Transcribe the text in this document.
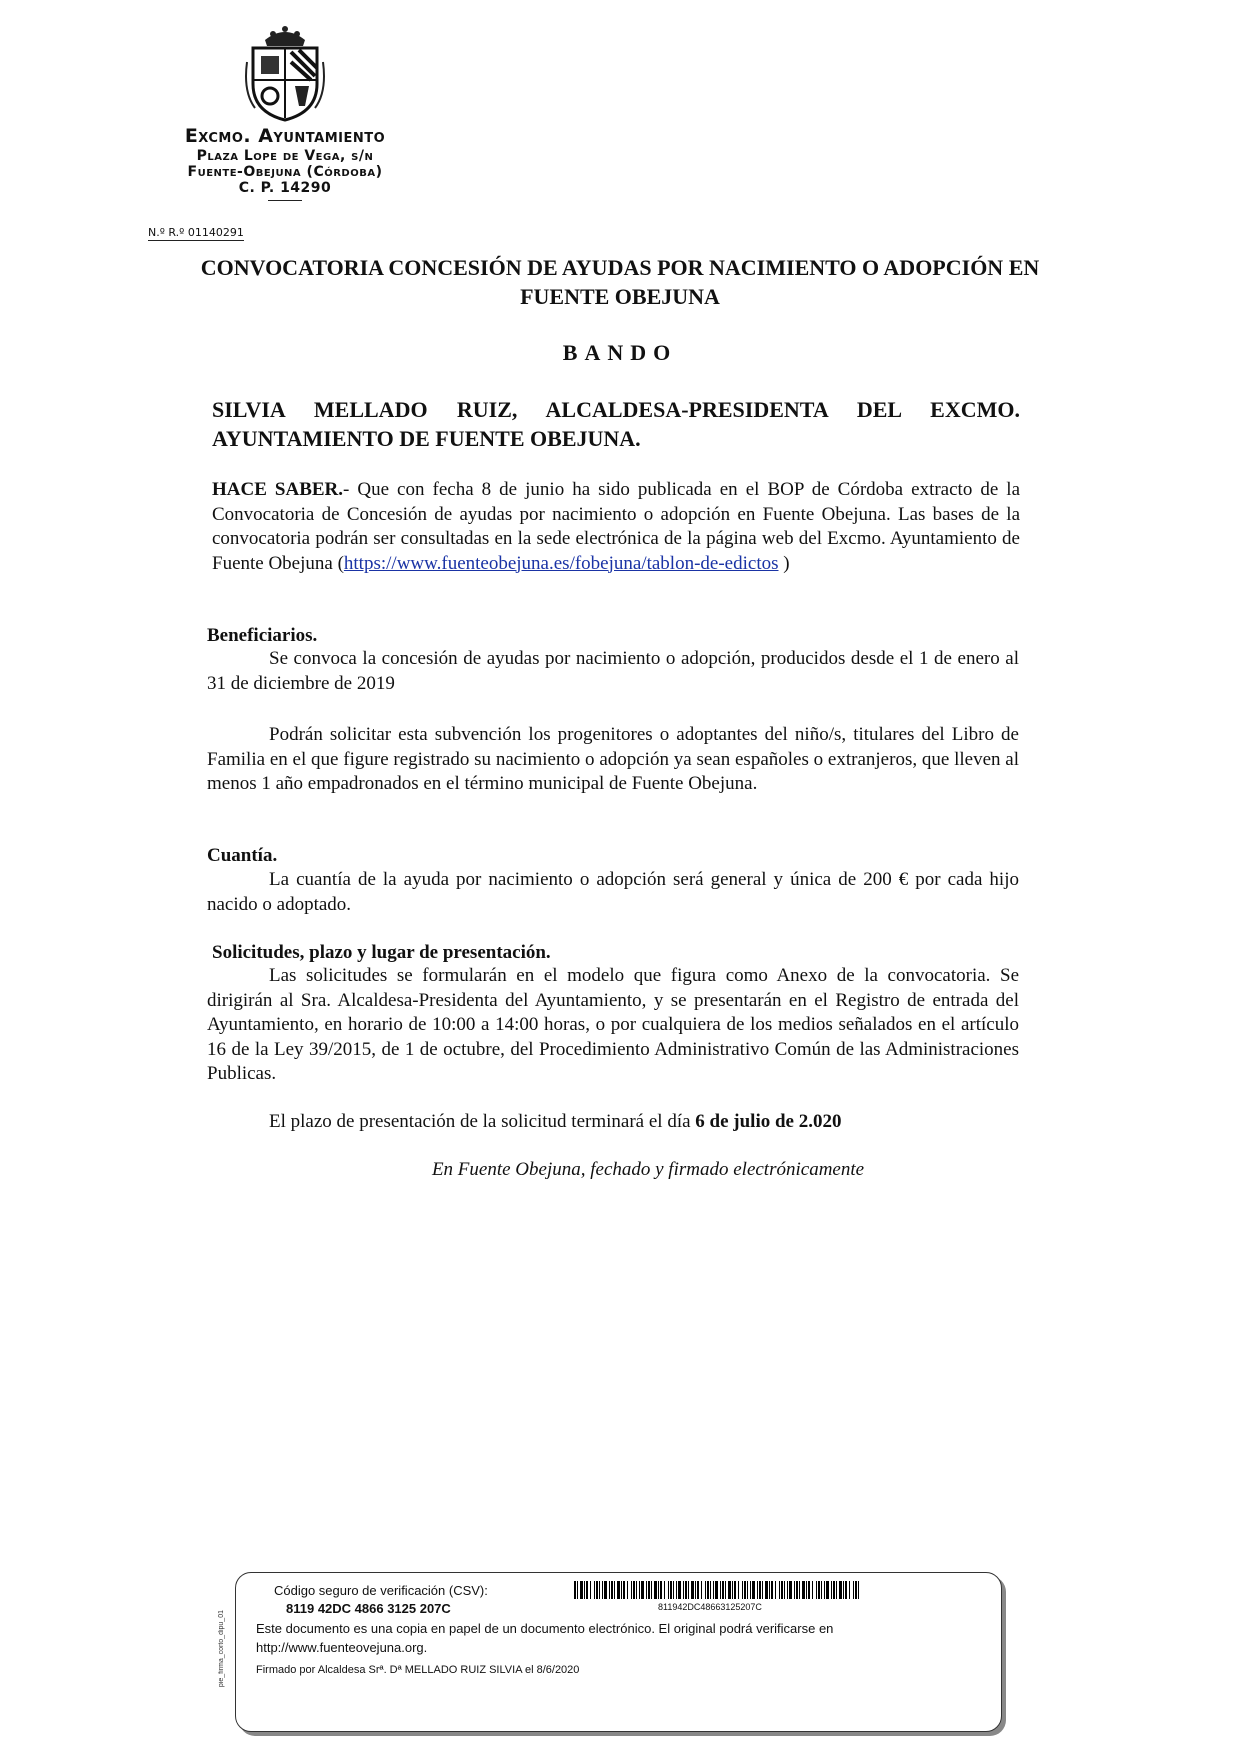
Excmo. Ayuntamiento
Plaza Lope de Vega, s/n
Fuente-Obejuna (Córdoba)
C. P. 14290
N.º R.º 01140291
CONVOCATORIA CONCESIÓN DE AYUDAS POR NACIMIENTO O ADOPCIÓN EN FUENTE OBEJUNA
BANDO
SILVIA MELLADO RUIZ, ALCALDESA-PRESIDENTA DEL EXCMO.
AYUNTAMIENTO DE FUENTE OBEJUNA.
HACE SABER.- Que con fecha 8 de junio ha sido publicada en el BOP de Córdoba extracto de la Convocatoria de Concesión de ayudas por nacimiento o adopción en Fuente Obejuna. Las bases de la convocatoria podrán ser consultadas en la sede electrónica de la página web del Excmo. Ayuntamiento de Fuente Obejuna (https://www.fuenteobejuna.es/fobejuna/tablon-de-edictos )
Beneficiarios.
Se convoca la concesión de ayudas por nacimiento o adopción, producidos desde el 1 de enero al 31 de diciembre de 2019
Podrán solicitar esta subvención los progenitores o adoptantes del niño/s, titulares del Libro de Familia en el que figure registrado su nacimiento o adopción ya sean españoles o extranjeros, que lleven al menos 1 año empadronados en el término municipal de Fuente Obejuna.
Cuantía.
La cuantía de la ayuda por nacimiento o adopción será general y única de 200 € por cada hijo nacido o adoptado.
Solicitudes, plazo y lugar de presentación.
Las solicitudes se formularán en el modelo que figura como Anexo de la convocatoria. Se dirigirán al Sra. Alcaldesa-Presidenta del Ayuntamiento, y se presentarán en el Registro de entrada del Ayuntamiento, en horario de 10:00 a 14:00 horas, o por cualquiera de los medios señalados en el artículo 16 de la Ley 39/2015, de 1 de octubre, del Procedimiento Administrativo Común de las Administraciones Publicas.
El plazo de presentación de la solicitud terminará el día 6 de julio de 2.020
En Fuente Obejuna, fechado y firmado electrónicamente
pie_firma_corto_dipu_01
Código seguro de verificación (CSV):
8119 42DC 4866 3125 207C	811942DC48663125207C
Este documento es una copia en papel de un documento electrónico. El original podrá verificarse en
http://www.fuenteovejuna.org.
Firmado por Alcaldesa Srª. Dª MELLADO RUIZ SILVIA el 8/6/2020
